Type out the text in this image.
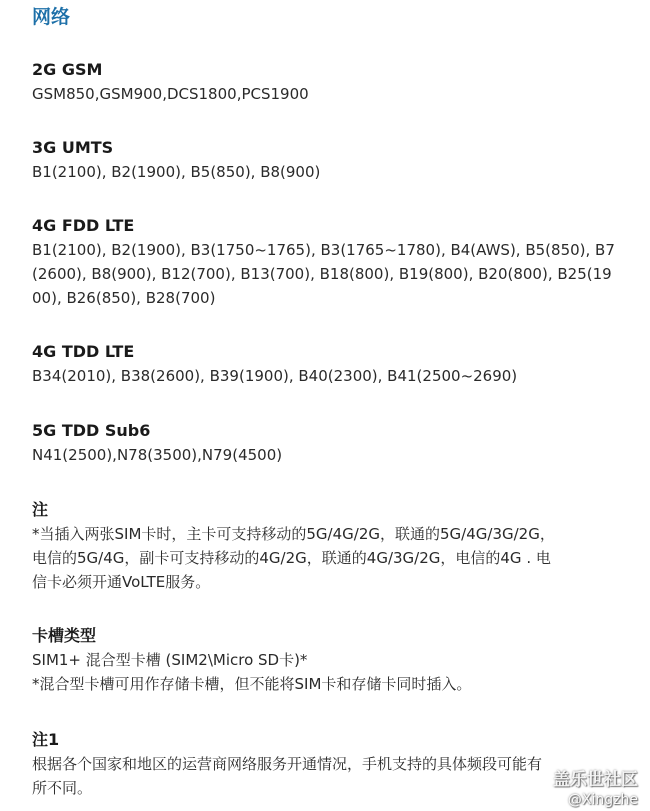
网络

2G GSM

GSM850,GSM900,DCS1800,PCS1900

3G UMTS

B1(2100), B2(1900), B5(850), B8(900)

4G FDD LTE

B1(2100), B2(1900), B3(1750~1765), B3(1765~1780), B4(AWS), B5(850), B7

(2600), B8(900), B12(700), B13(700), B18(800), B19(800), B20(800), B25(19

00), B26(850), B28(700)

4G TDD LTE

B34(2010), B38(2600), B39(1900), B40(2300), B41(2500~2690)

5G TDD Sub6

N41(2500),N78(3500),N79(4500)

注

*当插入两张SIM卡时，主卡可支持移动的5G/4G/2G，联通的5G/4G/3G/2G，

电信的5G/4G，副卡可支持移动的4G/2G，联通的4G/3G/2G，电信的4G . 电

信卡必须开通VoLTE服务。

卡槽类型

SIM1+ 混合型卡槽 (SIM2\Micro SD卡)*

*混合型卡槽可用作存储卡槽，但不能将SIM卡和存储卡同时插入。

注1

根据各个国家和地区的运营商网络服务开通情况，手机支持的具体频段可能有

所不同。	盖乐世社区
@Xingzhe
